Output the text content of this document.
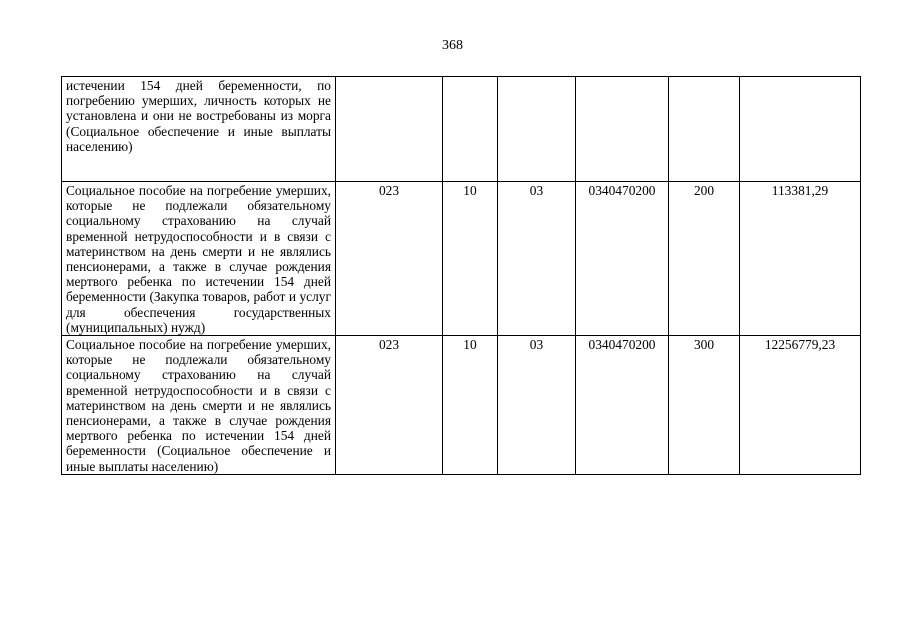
368
истечении 154 дней беременности, по погребению умерших, личность которых не установлена и они не востребованы из морга (Социальное обеспечение и иные выплаты населению)						
Социальное пособие на погребение умерших, которые не подлежали обязательному социальному страхованию на случай временной нетрудоспособности и в связи с материнством на день смерти и не являлись пенсионерами, а также в случае рождения мертвого ребенка по истечении 154 дней беременности (Закупка товаров, работ и услуг для обеспечения государственных (муниципальных) нужд)	023	10	03	0340470200	200	113381,29
Социальное пособие на погребение умерших, которые не подлежали обязательному социальному страхованию на случай временной нетрудоспособности и в связи с материнством на день смерти и не являлись пенсионерами, а также в случае рождения мертвого ребенка по истечении 154 дней беременности (Социальное обеспечение и иные выплаты населению)	023	10	03	0340470200	300	12256779,23
